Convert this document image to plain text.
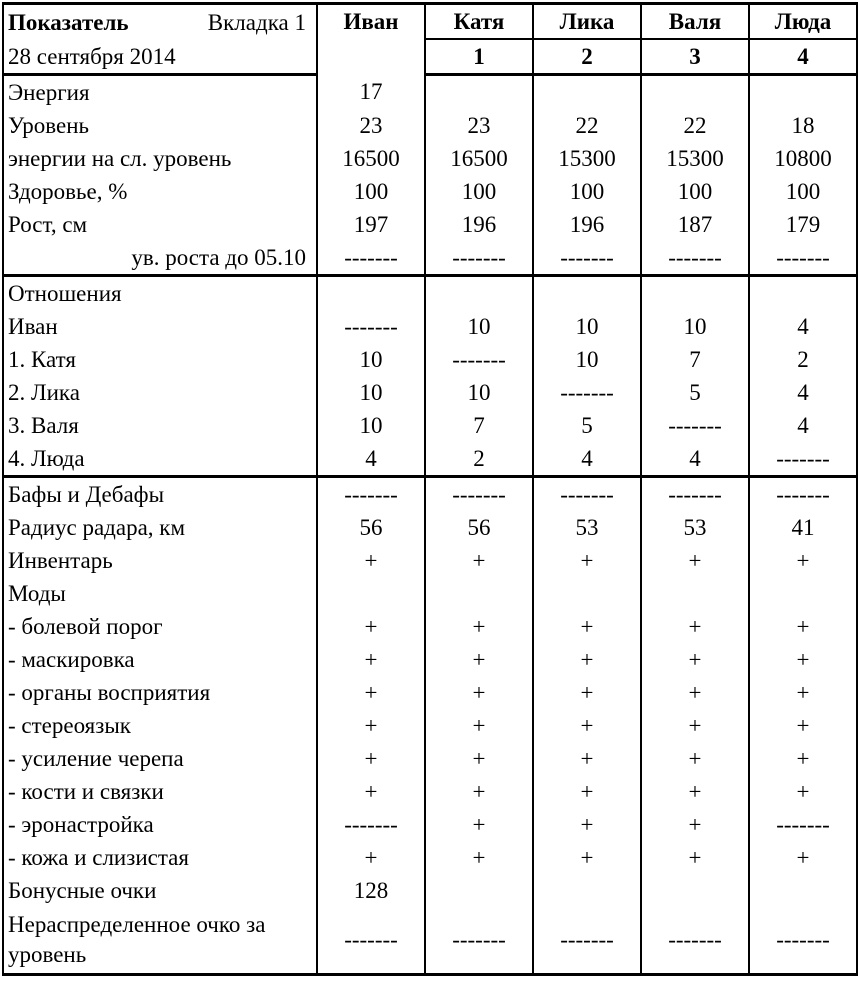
Показатель Вкладка 1	Иван	Катя	Лика	Валя	Люда
28 сентября 2014		1	2	3	4
Энергия	17				
Уровень	23	23	22	22	18
энергии на сл. уровень	16500	16500	15300	15300	10800
Здоровье, %	100	100	100	100	100
Рост, см	197	196	196	187	179
ув. роста до 05.10	-------	-------	-------	-------	-------
Отношения					
Иван	-------	10	10	10	4
1. Катя	10	-------	10	7	2
2. Лика	10	10	-------	5	4
3. Валя	10	7	5	-------	4
4. Люда	4	2	4	4	-------
Бафы и Дебафы	-------	-------	-------	-------	-------
Радиус радара, км	56	56	53	53	41
Инвентарь	+	+	+	+	+
Моды					
- болевой порог	+	+	+	+	+
- маскировка	+	+	+	+	+
- органы восприятия	+	+	+	+	+
- стереоязык	+	+	+	+	+
- усиление черепа	+	+	+	+	+
- кости и связки	+	+	+	+	+
- эронастройка	-------	+	+	+	-------
- кожа и слизистая	+	+	+	+	+
Бонусные очки	128				
Нераспределенное очко за уровень	-------	-------	-------	-------	-------
